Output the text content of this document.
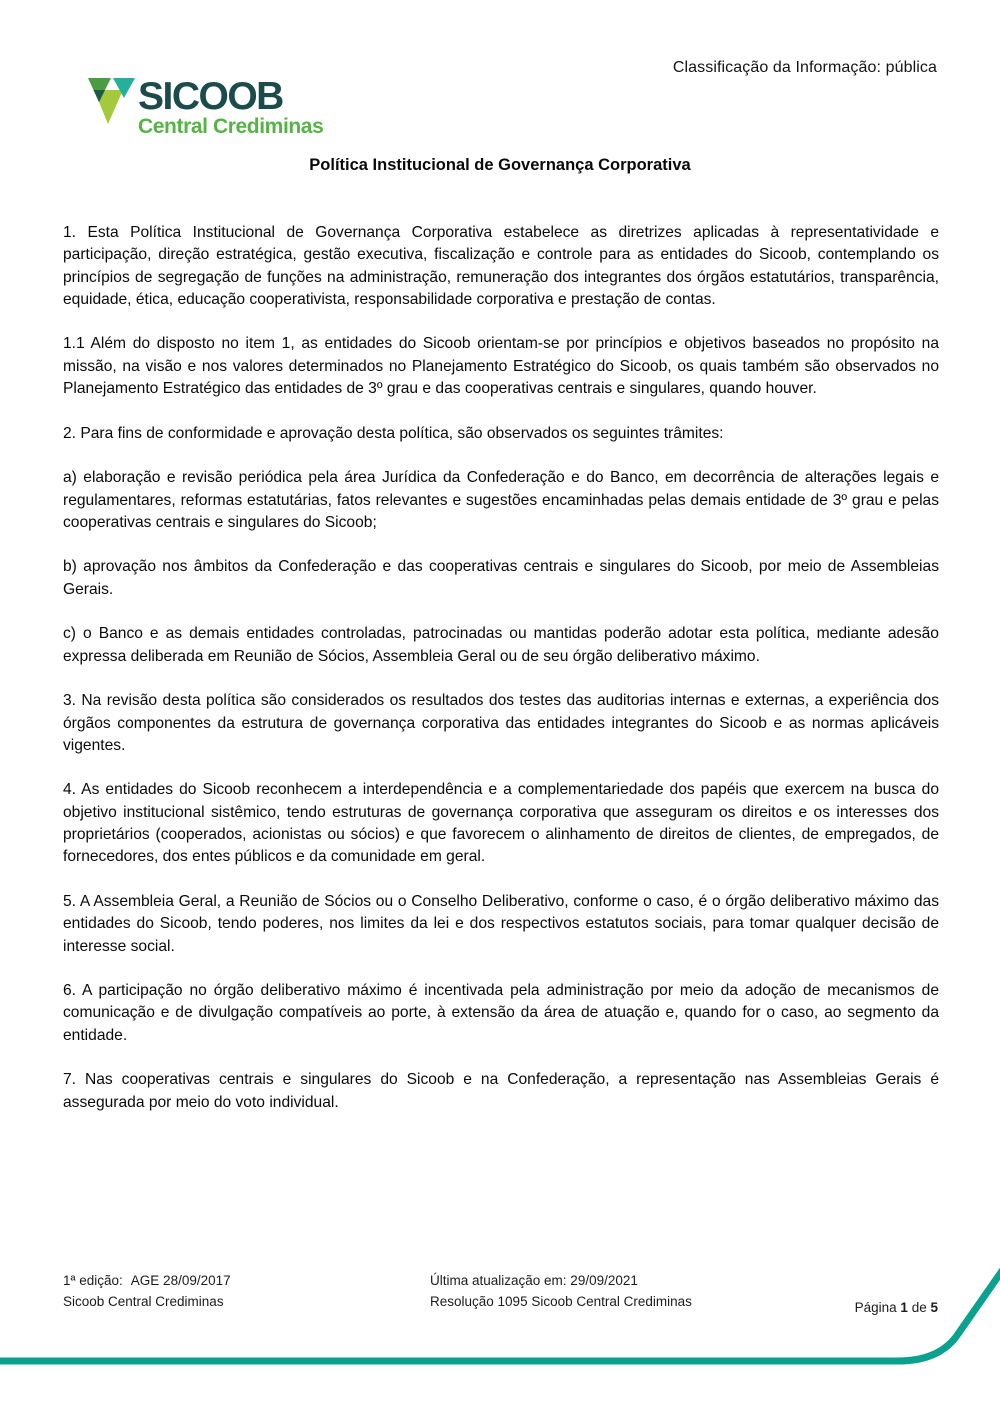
Classificação da Informação: pública
SICOOB
Central Crediminas
Política Institucional de Governança Corporativa

1. Esta Política Institucional de Governança Corporativa estabelece as diretrizes aplicadas à representatividade e participação, direção estratégica, gestão executiva, fiscalização e controle para as entidades do Sicoob, contemplando os princípios de segregação de funções na administração, remuneração dos integrantes dos órgãos estatutários, transparência, equidade, ética, educação cooperativista, responsabilidade corporativa e prestação de contas.

1.1 Além do disposto no item 1, as entidades do Sicoob orientam-se por princípios e objetivos baseados no propósito na missão, na visão e nos valores determinados no Planejamento Estratégico do Sicoob, os quais também são observados no Planejamento Estratégico das entidades de 3º grau e das cooperativas centrais e singulares, quando houver.

2. Para fins de conformidade e aprovação desta política, são observados os seguintes trâmites:

a) elaboração e revisão periódica pela área Jurídica da Confederação e do Banco, em decorrência de alterações legais e regulamentares, reformas estatutárias, fatos relevantes e sugestões encaminhadas pelas demais entidade de 3º grau e pelas cooperativas centrais e singulares do Sicoob;

b) aprovação nos âmbitos da Confederação e das cooperativas centrais e singulares do Sicoob, por meio de Assembleias Gerais.

c) o Banco e as demais entidades controladas, patrocinadas ou mantidas poderão adotar esta política, mediante adesão expressa deliberada em Reunião de Sócios, Assembleia Geral ou de seu órgão deliberativo máximo.

3. Na revisão desta política são considerados os resultados dos testes das auditorias internas e externas, a experiência dos órgãos componentes da estrutura de governança corporativa das entidades integrantes do Sicoob e as normas aplicáveis vigentes.

4. As entidades do Sicoob reconhecem a interdependência e a complementariedade dos papéis que exercem na busca do objetivo institucional sistêmico, tendo estruturas de governança corporativa que asseguram os direitos e os interesses dos proprietários (cooperados, acionistas ou sócios) e que favorecem o alinhamento de direitos de clientes, de empregados, de fornecedores, dos entes públicos e da comunidade em geral.

5. A Assembleia Geral, a Reunião de Sócios ou o Conselho Deliberativo, conforme o caso, é o órgão deliberativo máximo das entidades do Sicoob, tendo poderes, nos limites da lei e dos respectivos estatutos sociais, para tomar qualquer decisão de interesse social.

6. A participação no órgão deliberativo máximo é incentivada pela administração por meio da adoção de mecanismos de comunicação e de divulgação compatíveis ao porte, à extensão da área de atuação e, quando for o caso, ao segmento da entidade.

7. Nas cooperativas centrais e singulares do Sicoob e na Confederação, a representação nas Assembleias Gerais é assegurada por meio do voto individual.

1ª edição: AGE 28/09/2017
Sicoob Central Crediminas
Última atualização em: 29/09/2021
Resolução 1095 Sicoob Central Crediminas	Página 1 de 5
